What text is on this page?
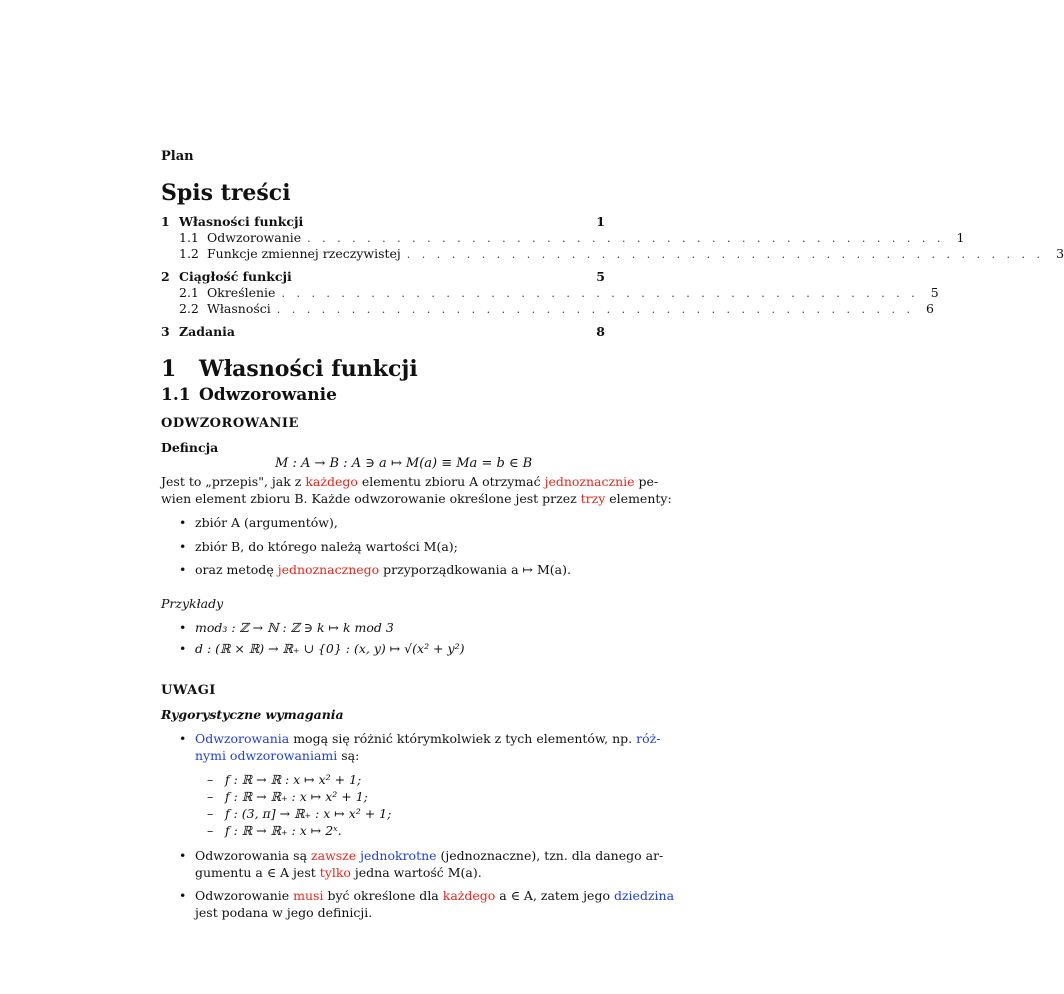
Plan
Spis treści
1 Własności funkcji	1
1.1 Odwzorowanie . . . . . . . . . . . . . . . . . . . . . . . . . . . . . . . . . . . . . . . . . . . 1
1.2 Funkcje zmiennej rzeczywistej . . . . . . . . . . . . . . . . . . . . . . . . . . . . . . . . . . . . . . . . . . . 3
2 Ciągłość funkcji	5
2.1 Określenie . . . . . . . . . . . . . . . . . . . . . . . . . . . . . . . . . . . . . . . . . . . 5
2.2 Własności . . . . . . . . . . . . . . . . . . . . . . . . . . . . . . . . . . . . . . . . . . . 6
3 Zadania	8
1 Własności funkcji
1.1 Odwzorowanie
ODWZOROWANIE
Defincja
M : A → B : A ∋ a ↦ M(a) ≡ Ma = b ∈ B
Jest to „przepis", jak z każdego elementu zbioru A otrzymać jednoznacznie pe-
wien element zbioru B. Każde odwzorowanie określone jest przez trzy elementy:
• zbiór A (argumentów),
• zbiór B, do którego należą wartości M(a);
• oraz metodę jednoznacznego przyporządkowania a ↦ M(a).
Przykłady
• mod₃ : ℤ → ℕ : ℤ ∋ k ↦ k mod 3
• d : (ℝ × ℝ) → ℝ₊ ∪ {0} : (x, y) ↦ √(x² + y²)
UWAGI
Rygorystyczne wymagania
• Odwzorowania mogą się różnić którymkolwiek z tych elementów, np. róż-
nymi odwzorowaniami są:
– f : ℝ → ℝ : x ↦ x² + 1;
– f : ℝ → ℝ₊ : x ↦ x² + 1;
– f : (3, π] → ℝ₊ : x ↦ x² + 1;
– f : ℝ → ℝ₊ : x ↦ 2ˣ.
• Odwzorowania są zawsze jednokrotne (jednoznaczne), tzn. dla danego ar-
gumentu a ∈ A jest tylko jedna wartość M(a).
• Odwzorowanie musi być określone dla każdego a ∈ A, zatem jego dziedzina
jest podana w jego definicji.
